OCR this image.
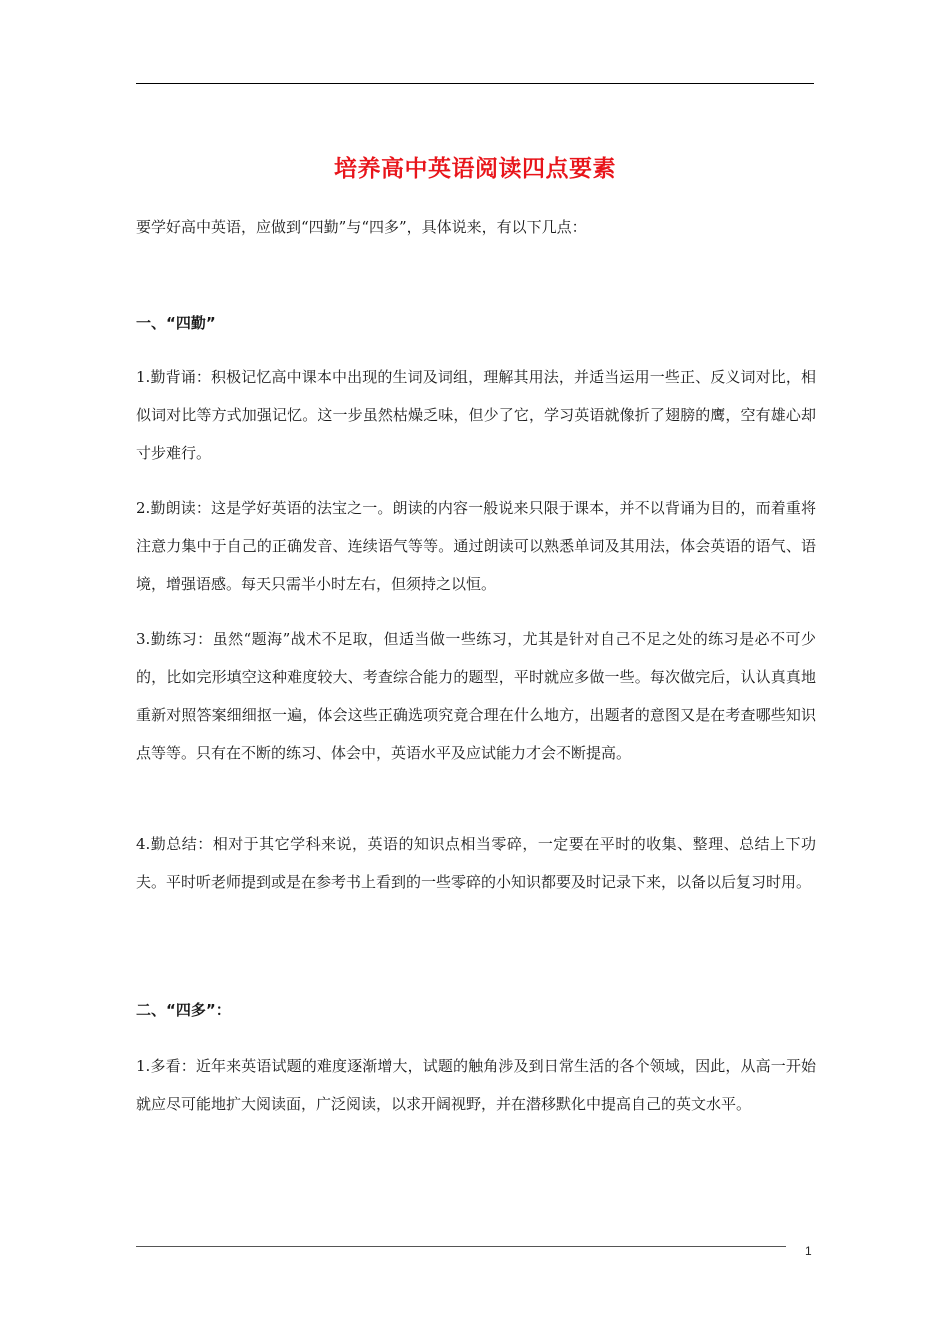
培养高中英语阅读四点要素
要学好高中英语，应做到“四勤”与“四多”，具体说来，有以下几点：
一、“四勤”
1.勤背诵：积极记忆高中课本中出现的生词及词组，理解其用法，并适当运用一些正、反义词对比，相似词对比等方式加强记忆。这一步虽然枯燥乏味，但少了它，学习英语就像折了翅膀的鹰，空有雄心却寸步难行。
2.勤朗读：这是学好英语的法宝之一。朗读的内容一般说来只限于课本，并不以背诵为目的，而着重将注意力集中于自己的正确发音、连续语气等等。通过朗读可以熟悉单词及其用法，体会英语的语气、语境，增强语感。每天只需半小时左右，但须持之以恒。
3.勤练习：虽然“题海”战术不足取，但适当做一些练习，尤其是针对自己不足之处的练习是必不可少的，比如完形填空这种难度较大、考查综合能力的题型，平时就应多做一些。每次做完后，认认真真地重新对照答案细细抠一遍，体会这些正确选项究竟合理在什么地方，出题者的意图又是在考查哪些知识点等等。只有在不断的练习、体会中，英语水平及应试能力才会不断提高。
4.勤总结：相对于其它学科来说，英语的知识点相当零碎，一定要在平时的收集、整理、总结上下功夫。平时听老师提到或是在参考书上看到的一些零碎的小知识都要及时记录下来，以备以后复习时用。
二、“四多”：
1.多看：近年来英语试题的难度逐渐增大，试题的触角涉及到日常生活的各个领域，因此，从高一开始就应尽可能地扩大阅读面，广泛阅读，以求开阔视野，并在潜移默化中提高自己的英文水平。
1
